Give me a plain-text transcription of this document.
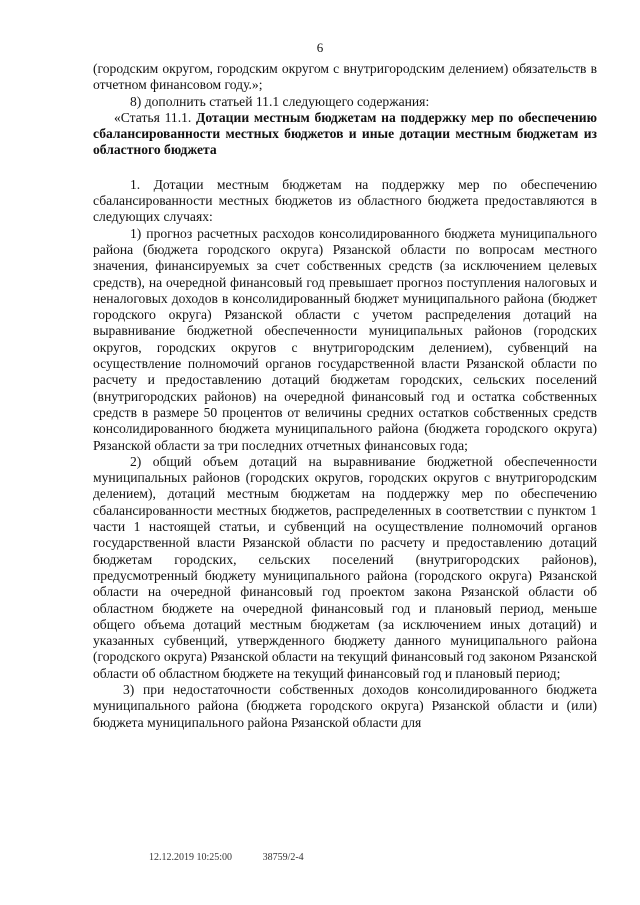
6

(городским округом, городским округом с внутригородским делением) обязательств в отчетном финансовом году.»;

8) дополнить статьей 11.1 следующего содержания:

«Статья 11.1. Дотации местным бюджетам на поддержку мер по обеспечению сбалансированности местных бюджетов и иные дотации местным бюджетам из областного бюджета

1. Дотации местным бюджетам на поддержку мер по обеспечению сбалансированности местных бюджетов из областного бюджета предоставляются в следующих случаях:

1) прогноз расчетных расходов консолидированного бюджета муниципального района (бюджета городского округа) Рязанской области по вопросам местного значения, финансируемых за счет собственных средств (за исключением целевых средств), на очередной финансовый год превышает прогноз поступления налоговых и неналоговых доходов в консолидированный бюджет муниципального района (бюджет городского округа) Рязанской области с учетом распределения дотаций на выравнивание бюджетной обеспеченности муниципальных районов (городских округов, городских округов с внутригородским делением), субвенций на осуществление полномочий органов государственной власти Рязанской области по расчету и предоставлению дотаций бюджетам городских, сельских поселений (внутригородских районов) на очередной финансовый год и остатка собственных средств в размере 50 процентов от величины средних остатков собственных средств консолидированного бюджета муниципального района (бюджета городского округа) Рязанской области за три последних отчетных финансовых года;

2) общий объем дотаций на выравнивание бюджетной обеспеченности муниципальных районов (городских округов, городских округов с внутригородским делением), дотаций местным бюджетам на поддержку мер по обеспечению сбалансированности местных бюджетов, распределенных в соответствии с пунктом 1 части 1 настоящей статьи, и субвенций на осуществление полномочий органов государственной власти Рязанской области по расчету и предоставлению дотаций бюджетам городских, сельских поселений (внутригородских районов), предусмотренный бюджету муниципального района (городского округа) Рязанской области на очередной финансовый год проектом закона Рязанской области об областном бюджете на очередной финансовый год и плановый период, меньше общего объема дотаций местным бюджетам (за исключением иных дотаций) и указанных субвенций, утвержденного бюджету данного муниципального района (городского округа) Рязанской области на текущий финансовый год законом Рязанской области об областном бюджете на текущий финансовый год и плановый период;

3) при недостаточности собственных доходов консолидированного бюджета муниципального района (бюджета городского округа) Рязанской области и (или) бюджета муниципального района Рязанской области для

12.12.2019 10:25:00	38759/2-4
